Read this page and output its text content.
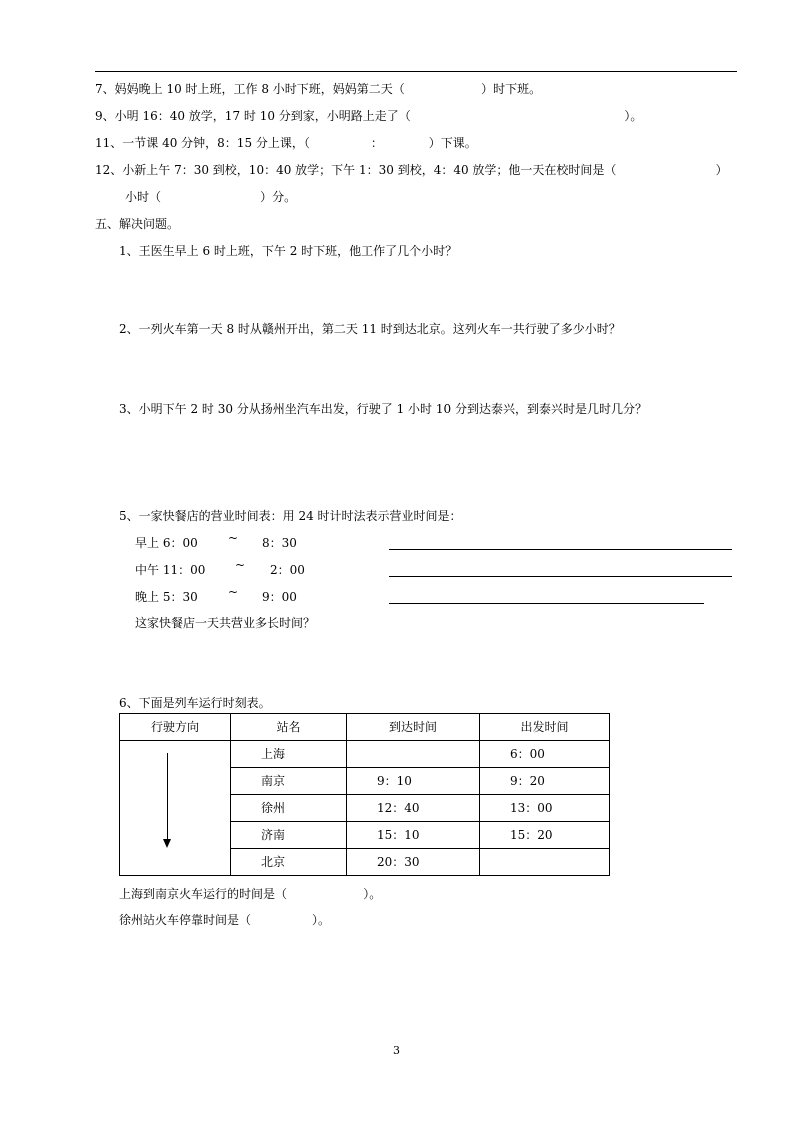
7、妈妈晚上 10 时上班，工作 8 小时下班，妈妈第二天（                    ）时下班。
9、小明 16：40 放学，17 时 10 分到家，小明路上走了（                                                        ）。
11、一节课 40 分钟，8：15 分上课，（                ：            ）下课。
12、小新上午 7：30 到校，10：40 放学；下午 1：30 到校，4：40 放学；他一天在校时间是（                          ）
小时（                          ）分。
五、解决问题。
1、王医生早上 6 时上班，下午 2 时下班，他工作了几个小时？
2、一列火车第一天 8 时从赣州开出，第二天 11 时到达北京。这列火车一共行驶了多少小时？
3、小明下午 2 时 30 分从扬州坐汽车出发，行驶了 1 小时 10 分到达泰兴，到泰兴时是几时几分？
5、一家快餐店的营业时间表：用 24 时计时法表示营业时间是：
早上 6：00	~ 8：30
中午 11：00 ~ 2：00
晚上 5：30	~ 9：00
这家快餐店一天共营业多长时间？
6、下面是列车运行时刻表。
行驶方向	站名	到达时间	出发时间

	上海		6：00
	南京	9：10	9：20
	徐州	12：40	13：00
	济南	15：10	15：20
	北京	20：30	
上海到南京火车运行的时间是（                    ）。
徐州站火车停靠时间是（                ）。
3
